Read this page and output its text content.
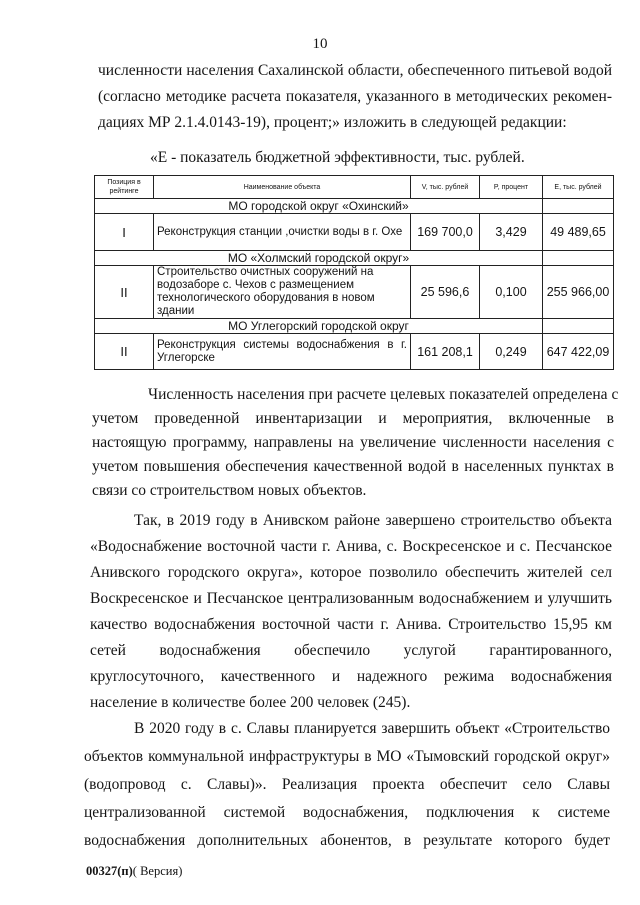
10
численности населения Сахалинской области, обеспеченного питьевой водой
(согласно методике расчета показателя, указанного в методических рекомен-
дациях МР 2.1.4.0143-19), процент;» изложить в следующей редакции:
«E - показатель бюджетной эффективности, тыс. рублей.
Позиция в рейтинге	Наименование объекта	V, тыс. рублей	P, процент	E, тыс. рублей
МО городской округ «Охинский»				
I	Реконструкция станции ,очистки воды в г. Охе	169 700,0	3,429	49 489,65
МО «Холмский городской округ»				
II	Строительство очистных сооружений на водозаборе с. Чехов с размещением технологического оборудования в новом здании	25 596,6	0,100	255 966,00
МО Углегорский городской округ				
II	Реконструкция системы водоснабжения в г. Углегорске	161 208,1	0,249	647 422,09
Численность населения при расчете целевых показателей определена с
учетом проведенной инвентаризации и мероприятия, включенные в
настоящую программу, направлены на увеличение численности населения с
учетом повышения обеспечения качественной водой в населенных пунктах в
связи со строительством новых объектов.
Так, в 2019 году в Анивском районе завершено строительство объекта
«Водоснабжение восточной части г. Анива, с. Воскресенское и с. Песчанское
Анивского городского округа», которое позволило обеспечить жителей сел
Воскресенское и Песчанское централизованным водоснабжением и улучшить
качество водоснабжения восточной части г. Анива. Строительство 15,95 км
сетей водоснабжения обеспечило услугой гарантированного,
круглосуточного, качественного и надежного режима водоснабжения
население в количестве более 200 человек (245).
В 2020 году в с. Славы планируется завершить объект «Строительство
объектов коммунальной инфраструктуры в МО «Тымовский городской округ»
(водопровод с. Славы)». Реализация проекта обеспечит село Славы
централизованной системой водоснабжения, подключения к системе
водоснабжения дополнительных абонентов, в результате которого будет
00327(п)( Версия)
